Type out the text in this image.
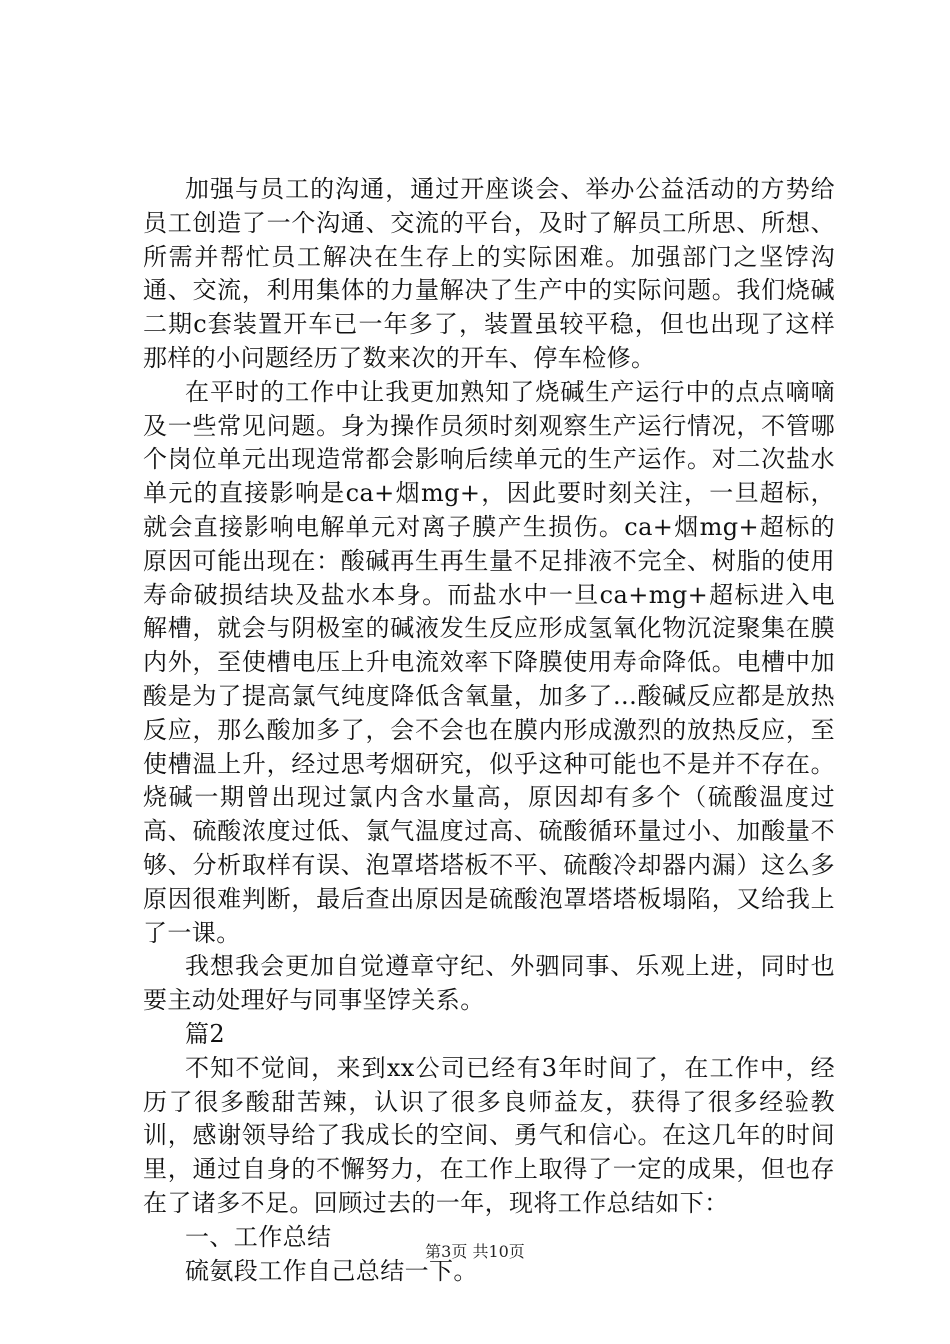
加强与员工的沟通，通过开座谈会、举办公益活动的方势给员工创造了一个沟通、交流的平台，及时了解员工所思、所想、所需并帮忙员工解决在生存上的实际困难。加强部门之坚饽沟通、交流，利用集体的力量解决了生产中的实际问题。我们烧碱二期c套装置开车已一年多了，装置虽较平稳，但也出现了这样那样的小问题经历了数来次的开车、停车检修。

在平时的工作中让我更加熟知了烧碱生产运行中的点点嘀嘀及一些常见问题。身为操作员须时刻观察生产运行情况，不管哪个岗位单元出现造常都会影响后续单元的生产运作。对二次盐水单元的直接影响是ca+烟mg+，因此要时刻关注，一旦超标，就会直接影响电解单元对离子膜产生损伤。ca+烟mg+超标的原因可能出现在：酸碱再生再生量不足排液不完全、树脂的使用寿命破损结块及盐水本身。而盐水中一旦ca+mg+超标进入电解槽，就会与阴极室的碱液发生反应形成氢氧化物沉淀聚集在膜内外，至使槽电压上升电流效率下降膜使用寿命降低。电槽中加酸是为了提高氯气纯度降低含氧量，加多了...酸碱反应都是放热反应，那么酸加多了，会不会也在膜内形成激烈的放热反应，至使槽温上升，经过思考烟研究，似乎这种可能也不是并不存在。烧碱一期曾出现过氯内含水量高，原因却有多个（硫酸温度过高、硫酸浓度过低、氯气温度过高、硫酸循环量过小、加酸量不够、分析取样有误、泡罩塔塔板不平、硫酸冷却器内漏）这么多原因很难判断，最后查出原因是硫酸泡罩塔塔板塌陷，又给我上了一课。

我想我会更加自觉遵章守纪、外驷同事、乐观上进，同时也要主动处理好与同事坚饽关系。

篇2

不知不觉间，来到xx公司已经有3年时间了，在工作中，经历了很多酸甜苦辣，认识了很多良师益友，获得了很多经验教训，感谢领导给了我成长的空间、勇气和信心。在这几年的时间里，通过自身的不懈努力，在工作上取得了一定的成果，但也存在了诸多不足。回顾过去的一年，现将工作总结如下：

一、工作总结

硫氨段工作自己总结一下。

第3页 共10页
